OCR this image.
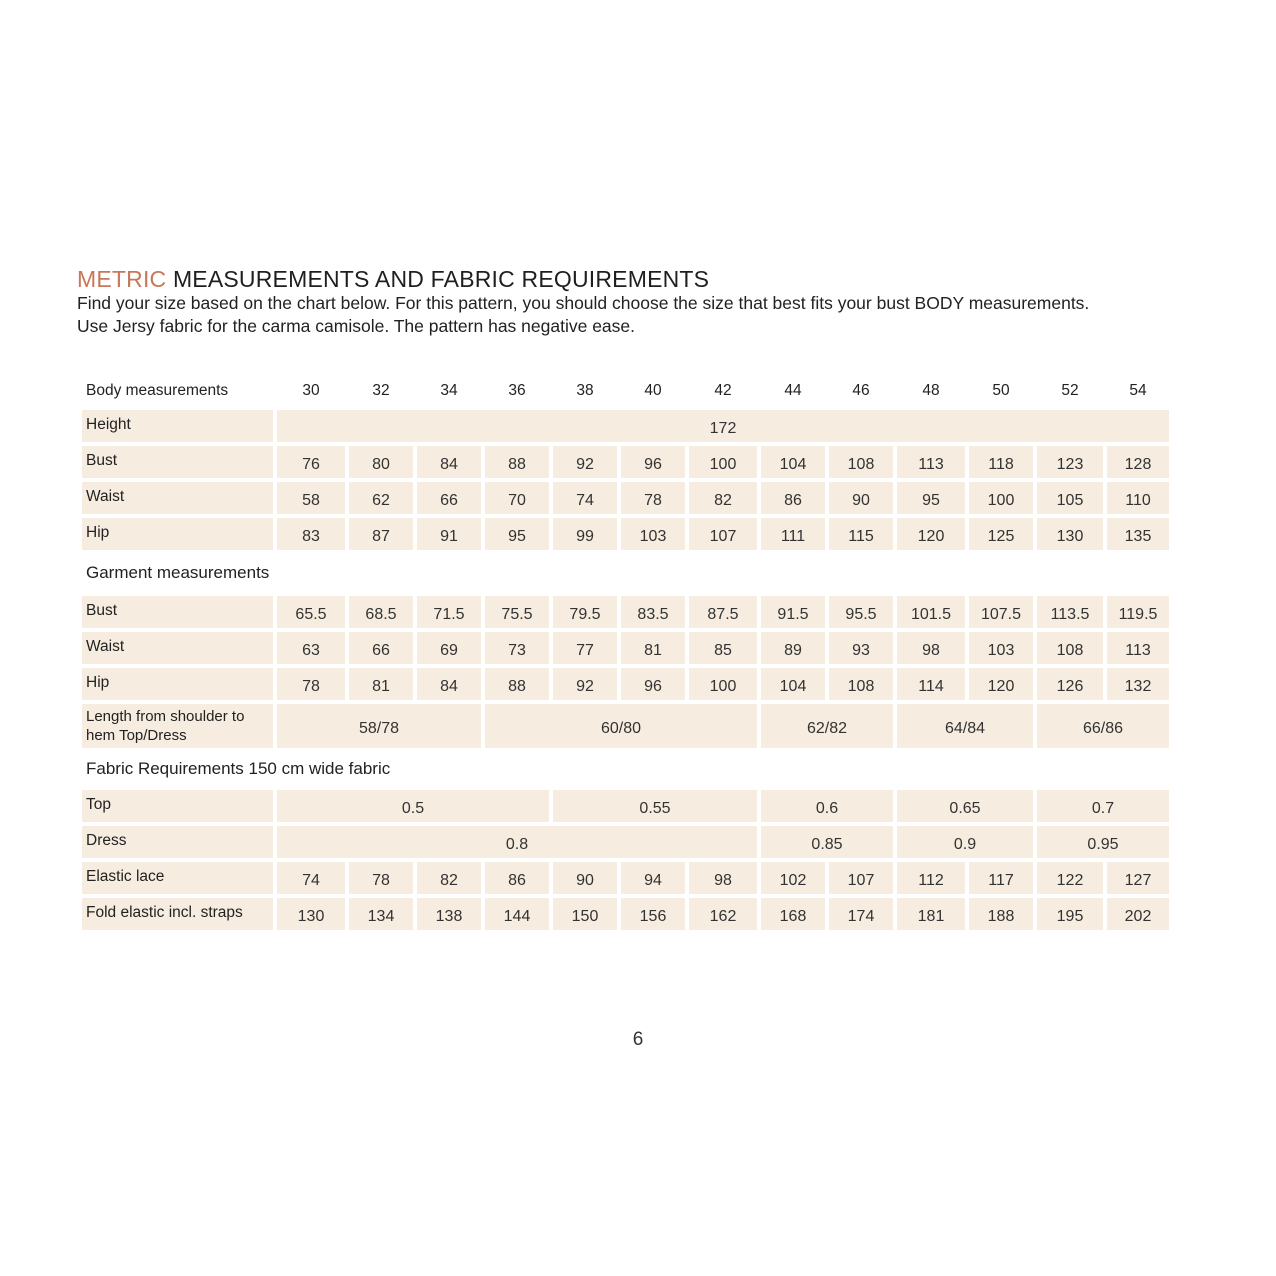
METRIC MEASUREMENTS AND FABRIC REQUIREMENTS
Find your size based on the chart below. For this pattern, you should choose the size that best fits your bust BODY measurements.
Use Jersy fabric for the carma camisole. The pattern has negative ease.
Body measurements	30	32	34	36	38	40	42	44	46	48	50	52	54
Height	172
Bust	76	80	84	88	92	96	100	104	108	113	118	123	128
Waist	58	62	66	70	74	78	82	86	90	95	100	105	110
Hip	83	87	91	95	99	103	107	111	115	120	125	130	135
Garment measurements
Bust	65.5	68.5	71.5	75.5	79.5	83.5	87.5	91.5	95.5	101.5	107.5	113.5	119.5
Waist	63	66	69	73	77	81	85	89	93	98	103	108	113
Hip	78	81	84	88	92	96	100	104	108	114	120	126	132
Length from shoulder to
hem Top/Dress	58/78	60/80	62/82	64/84	66/86
Fabric Requirements 150 cm wide fabric
Top	0.5	0.55	0.6	0.65	0.7
Dress	0.8	0.85	0.9	0.95
Elastic lace	74	78	82	86	90	94	98	102	107	112	117	122	127
Fold elastic incl. straps	130	134	138	144	150	156	162	168	174	181	188	195	202
6
